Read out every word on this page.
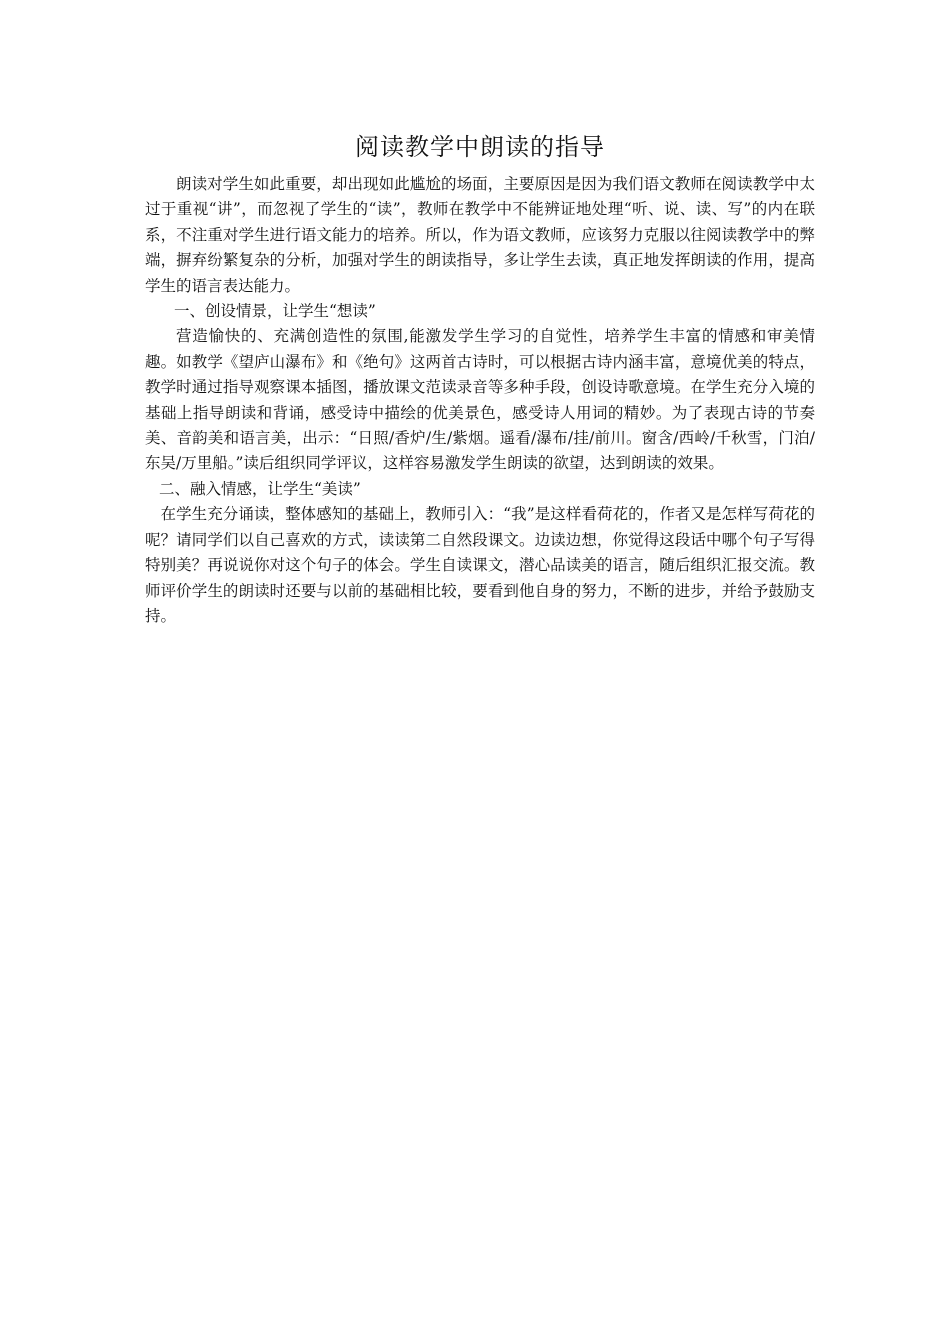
阅读教学中朗读的指导

朗读对学生如此重要，却出现如此尴尬的场面，主要原因是因为我们语文教师在阅读教学中太过于重视“讲”，而忽视了学生的“读”，教师在教学中不能辨证地处理“听、说、读、写”的内在联系，不注重对学生进行语文能力的培养。所以，作为语文教师，应该努力克服以往阅读教学中的弊端，摒弃纷繁复杂的分析，加强对学生的朗读指导，多让学生去读，真正地发挥朗读的作用，提高学生的语言表达能力。

一、创设情景，让学生“想读”

营造愉快的、充满创造性的氛围,能激发学生学习的自觉性，培养学生丰富的情感和审美情趣。如教学《望庐山瀑布》和《绝句》这两首古诗时，可以根据古诗内涵丰富，意境优美的特点，教学时通过指导观察课本插图，播放课文范读录音等多种手段，创设诗歌意境。在学生充分入境的基础上指导朗读和背诵，感受诗中描绘的优美景色，感受诗人用词的精妙。为了表现古诗的节奏美、音韵美和语言美，出示：“日照/香炉/生/紫烟。遥看/瀑布/挂/前川。窗含/西岭/千秋雪，门泊/东吴/万里船。”读后组织同学评议，这样容易激发学生朗读的欲望，达到朗读的效果。

二、融入情感，让学生“美读”

在学生充分诵读，整体感知的基础上，教师引入：“我”是这样看荷花的，作者又是怎样写荷花的呢？请同学们以自己喜欢的方式，读读第二自然段课文。边读边想，你觉得这段话中哪个句子写得特别美？再说说你对这个句子的体会。学生自读课文，潜心品读美的语言，随后组织汇报交流。教师评价学生的朗读时还要与以前的基础相比较，要看到他自身的努力，不断的进步，并给予鼓励支持。
